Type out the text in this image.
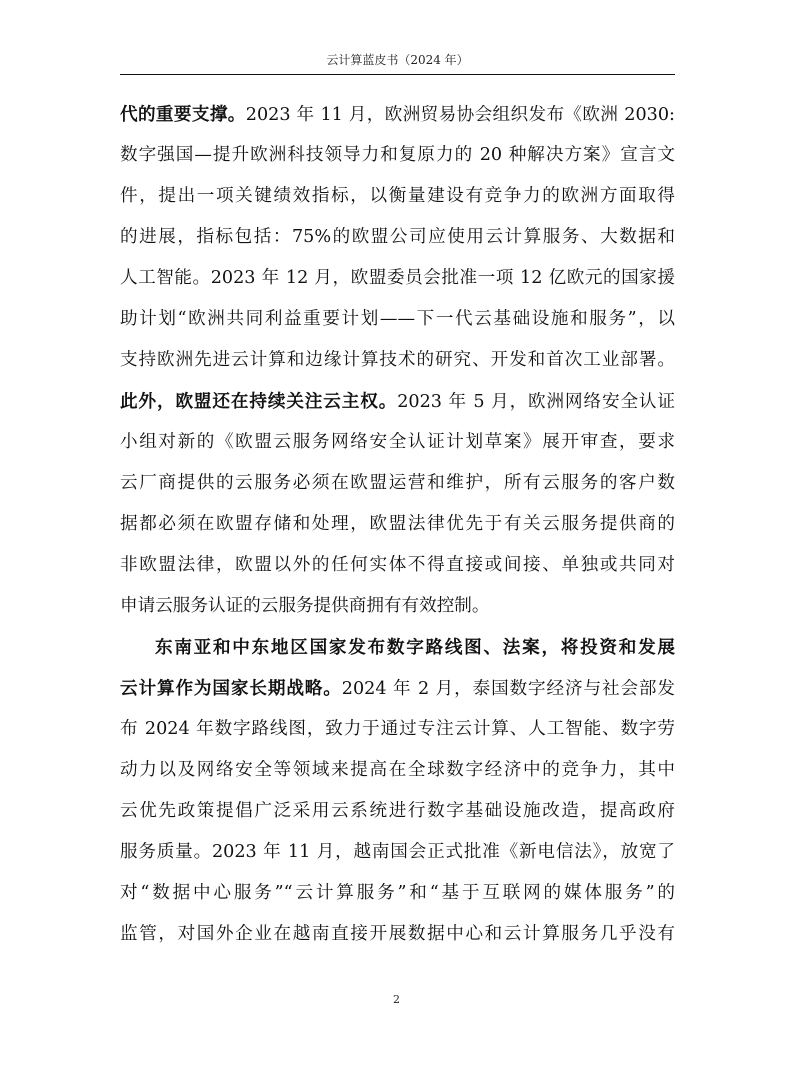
云计算蓝皮书（2024 年）
代的重要支撑。2023 年 11 月，欧洲贸易协会组织发布《欧洲 2030:
数字强国—提升欧洲科技领导力和复原力的 20 种解决方案》宣言文
件，提出一项关键绩效指标，以衡量建设有竞争力的欧洲方面取得
的进展，指标包括：75%的欧盟公司应使用云计算服务、大数据和
人工智能。2023 年 12 月，欧盟委员会批准一项 12 亿欧元的国家援
助计划“欧洲共同利益重要计划——下一代云基础设施和服务”，以
支持欧洲先进云计算和边缘计算技术的研究、开发和首次工业部署。
此外，欧盟还在持续关注云主权。2023 年 5 月，欧洲网络安全认证
小组对新的《欧盟云服务网络安全认证计划草案》展开审查，要求
云厂商提供的云服务必须在欧盟运营和维护，所有云服务的客户数
据都必须在欧盟存储和处理，欧盟法律优先于有关云服务提供商的
非欧盟法律，欧盟以外的任何实体不得直接或间接、单独或共同对
申请云服务认证的云服务提供商拥有有效控制。
东南亚和中东地区国家发布数字路线图、法案，将投资和发展
云计算作为国家长期战略。2024 年 2 月，泰国数字经济与社会部发
布 2024 年数字路线图，致力于通过专注云计算、人工智能、数字劳
动力以及网络安全等领域来提高在全球数字经济中的竞争力，其中
云优先政策提倡广泛采用云系统进行数字基础设施改造，提高政府
服务质量。2023 年 11 月，越南国会正式批准《新电信法》，放宽了
对“数据中心服务”“云计算服务”和“基于互联网的媒体服务”的
监管，对国外企业在越南直接开展数据中心和云计算服务几乎没有
2
